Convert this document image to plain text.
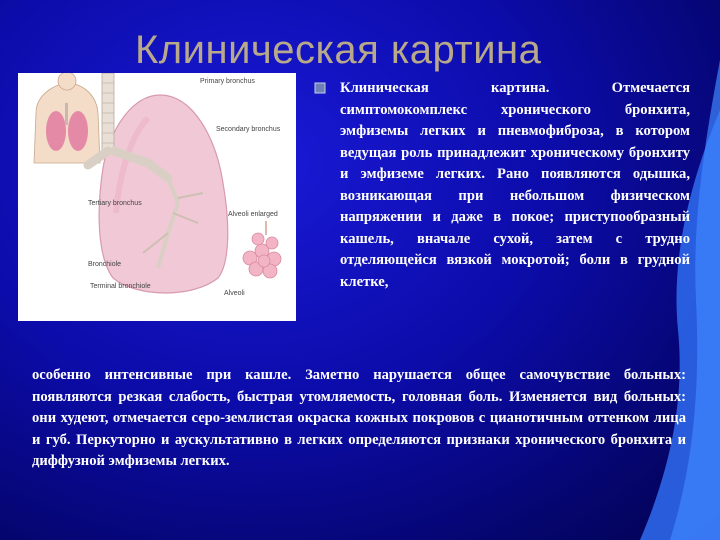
Клиническая картина
Primary bronchus
Secondary bronchus
Tertiary bronchus
Bronchiole
Terminal bronchiole
Alveoli
Alveoli enlarged
Клиническая картина. Отмечается симптомокомплекс хронического бронхита, эмфиземы легких и пневмофиброза, в котором ведущая роль принадлежит хроническому бронхиту и эмфиземе легких. Рано появляются одышка, возникающая при небольшом физическом напряжении и даже в покое; приступообразный кашель, вначале сухой, затем с трудно отделяющейся вязкой мокротой; боли в грудной клетке,
особенно интенсивные при кашле. Заметно нарушается общее самочувствие больных: появляются резкая слабость, быстрая утомляемость, головная боль. Изменяется вид больных: они худеют, отмечается серо-землистая окраска кожных покровов с цианотичным оттенком лица и губ. Перкуторно и аускультативно в легких определяются признаки хронического бронхита и диффузной эмфиземы легких.
